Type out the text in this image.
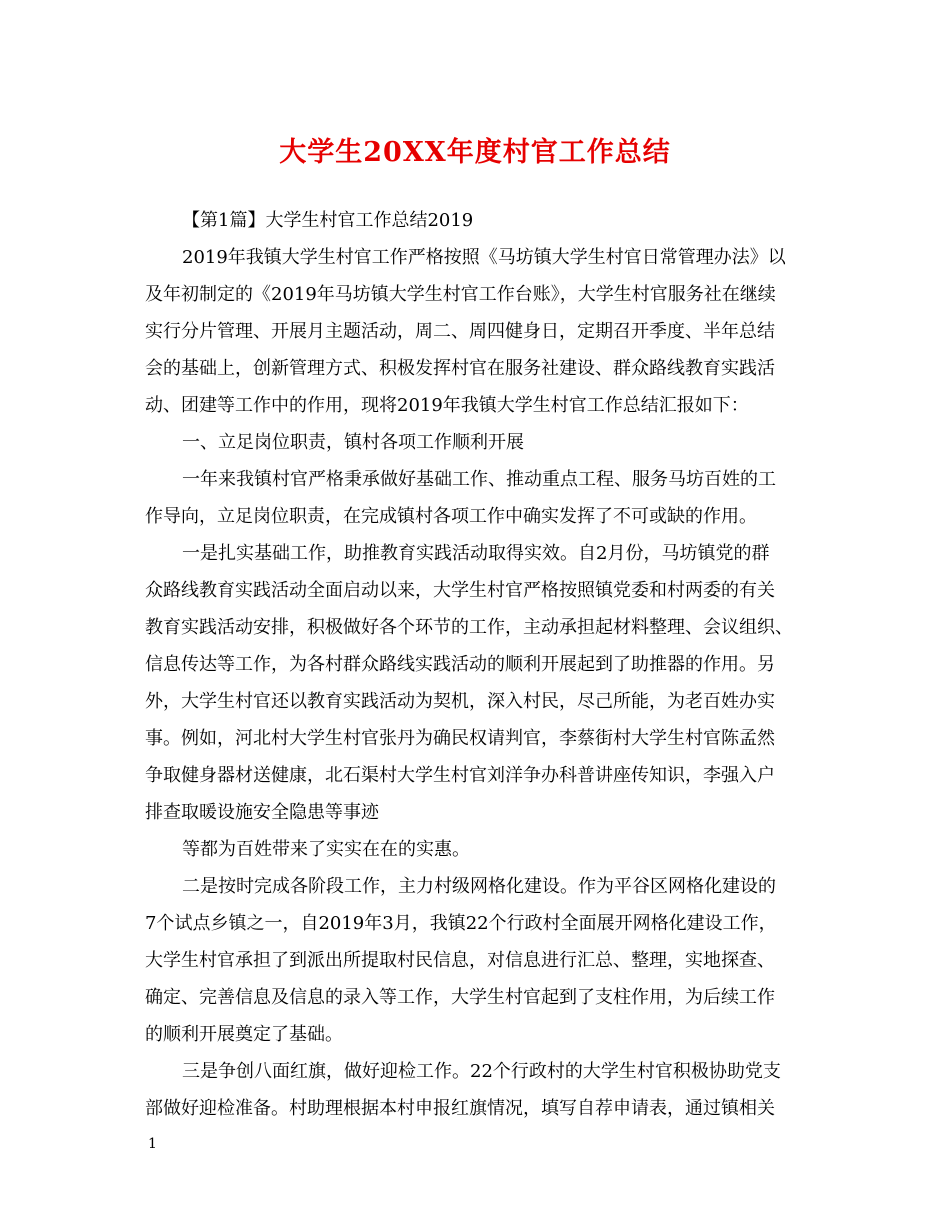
大学生20XX年度村官工作总结
【第1篇】大学生村官工作总结2019
2019年我镇大学生村官工作严格按照《马坊镇大学生村官日常管理办法》以
及年初制定的《2019年马坊镇大学生村官工作台账》，大学生村官服务社在继续
实行分片管理、开展月主题活动，周二、周四健身日，定期召开季度、半年总结
会的基础上，创新管理方式、积极发挥村官在服务社建设、群众路线教育实践活
动、团建等工作中的作用，现将2019年我镇大学生村官工作总结汇报如下：
一、立足岗位职责，镇村各项工作顺利开展
一年来我镇村官严格秉承做好基础工作、推动重点工程、服务马坊百姓的工
作导向，立足岗位职责，在完成镇村各项工作中确实发挥了不可或缺的作用。
一是扎实基础工作，助推教育实践活动取得实效。自2月份，马坊镇党的群
众路线教育实践活动全面启动以来，大学生村官严格按照镇党委和村两委的有关
教育实践活动安排，积极做好各个环节的工作，主动承担起材料整理、会议组织、
信息传达等工作，为各村群众路线实践活动的顺利开展起到了助推器的作用。另
外，大学生村官还以教育实践活动为契机，深入村民，尽己所能，为老百姓办实
事。例如，河北村大学生村官张丹为确民权请判官，李蔡街村大学生村官陈孟然
争取健身器材送健康，北石渠村大学生村官刘洋争办科普讲座传知识，李强入户
排查取暖设施安全隐患等事迹
等都为百姓带来了实实在在的实惠。
二是按时完成各阶段工作，主力村级网格化建设。作为平谷区网格化建设的
7个试点乡镇之一，自2019年3月，我镇22个行政村全面展开网格化建设工作，
大学生村官承担了到派出所提取村民信息，对信息进行汇总、整理，实地探查、
确定、完善信息及信息的录入等工作，大学生村官起到了支柱作用，为后续工作
的顺利开展奠定了基础。
三是争创八面红旗，做好迎检工作。22个行政村的大学生村官积极协助党支
部做好迎检准备。村助理根据本村申报红旗情况，填写自荐申请表，通过镇相关
1
